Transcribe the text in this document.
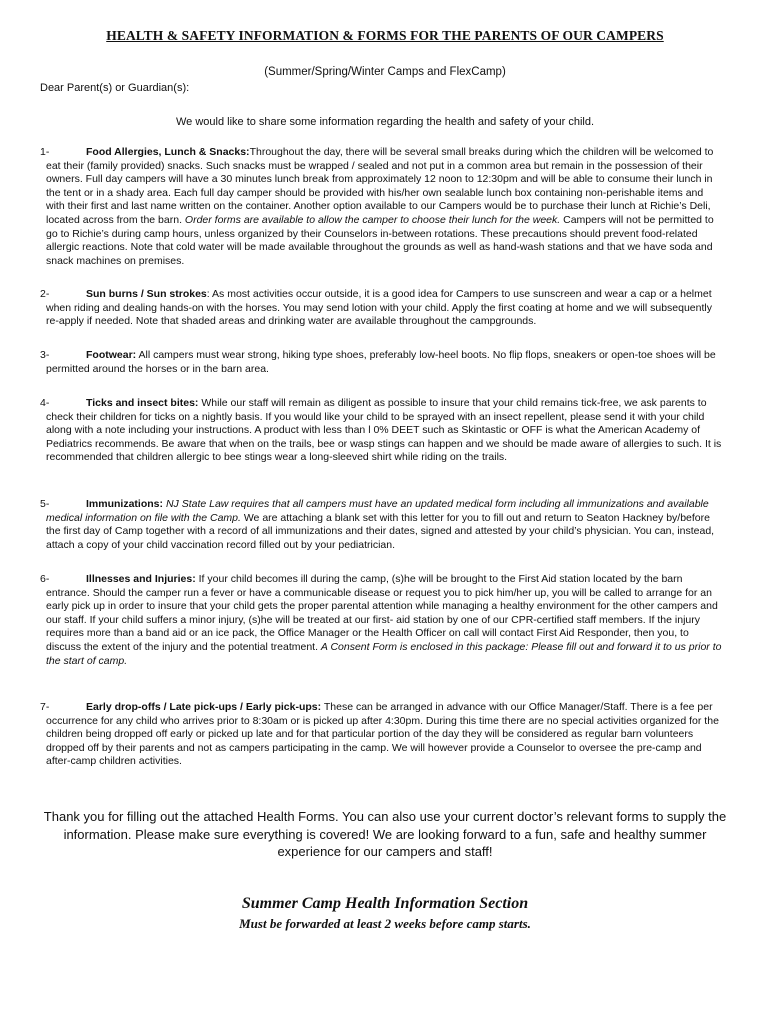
HEALTH & SAFETY INFORMATION & FORMS FOR THE PARENTS OF OUR CAMPERS
(Summer/Spring/Winter Camps and FlexCamp)
Dear Parent(s) or Guardian(s):
We would like to share some information regarding the health and safety of your child.
1-	Food Allergies, Lunch & Snacks:Throughout the day, there will be several small breaks during which the children will be welcomed to eat their (family provided) snacks. Such snacks must be wrapped / sealed and not put in a common area but remain in the possession of their owners. Full day campers will have a 30 minutes lunch break from approximately 12 noon to 12:30pm and will be able to consume their lunch in the tent or in a shady area. Each full day camper should be provided with his/her own sealable lunch box containing non-perishable items and with their first and last name written on the container. Another option available to our Campers would be to purchase their lunch at Richie’s Deli, located across from the barn. Order forms are available to allow the camper to choose their lunch for the week. Campers will not be permitted to go to Richie’s during camp hours, unless organized by their Counselors in-between rotations. These precautions should prevent food-related allergic reactions. Note that cold water will be made available throughout the grounds as well as hand-wash stations and that we have soda and snack machines on premises.
2-	Sun burns / Sun strokes: As most activities occur outside, it is a good idea for Campers to use sunscreen and wear a cap or a helmet when riding and dealing hands-on with the horses. You may send lotion with your child. Apply the first coating at home and we will subsequently re-apply if needed. Note that shaded areas and drinking water are available throughout the campgrounds.
3-	Footwear: All campers must wear strong, hiking type shoes, preferably low-heel boots. No flip flops, sneakers or open-toe shoes will be permitted around the horses or in the barn area.
4-	Ticks and insect bites: While our staff will remain as diligent as possible to insure that your child remains tick-free, we ask parents to check their children for ticks on a nightly basis. If you would like your child to be sprayed with an insect repellent, please send it with your child along with a note including your instructions. A product with less than l 0% DEET such as Skintastic or OFF is what the American Academy of Pediatrics recommends. Be aware that when on the trails, bee or wasp stings can happen and we should be made aware of allergies to such. It is recommended that children allergic to bee stings wear a long-sleeved shirt while riding on the trails.
5-	Immunizations: NJ State Law requires that all campers must have an updated medical form including all immunizations and available medical information on file with the Camp. We are attaching a blank set with this letter for you to fill out and return to Seaton Hackney by/before the first day of Camp together with a record of all immunizations and their dates, signed and attested by your child’s physician. You can, instead, attach a copy of your child vaccination record filled out by your pediatrician.
6-	Illnesses and Injuries: If your child becomes ill during the camp, (s)he will be brought to the First Aid station located by the barn entrance. Should the camper run a fever or have a communicable disease or request you to pick him/her up, you will be called to arrange for an early pick up in order to insure that your child gets the proper parental attention while managing a healthy environment for the other campers and our staff. If your child suffers a minor injury, (s)he will be treated at our first- aid station by one of our CPR-certified staff members. If the injury requires more than a band aid or an ice pack, the Office Manager or the Health Officer on call will contact First Aid Responder, then you, to discuss the extent of the injury and the potential treatment. A Consent Form is enclosed in this package: Please fill out and forward it to us prior to the start of camp.
7-	Early drop-offs / Late pick-ups / Early pick-ups: These can be arranged in advance with our Office Manager/Staff. There is a fee per occurrence for any child who arrives prior to 8:30am or is picked up after 4:30pm. During this time there are no special activities organized for the children being dropped off early or picked up late and for that particular portion of the day they will be considered as regular barn volunteers dropped off by their parents and not as campers participating in the camp. We will however provide a Counselor to oversee the pre-camp and after-camp children activities.
Thank you for filling out the attached Health Forms. You can also use your current doctor’s relevant forms to supply the information. Please make sure everything is covered! We are looking forward to a fun, safe and healthy summer experience for our campers and staff!
Summer Camp Health Information Section
Must be forwarded at least 2 weeks before camp starts.
